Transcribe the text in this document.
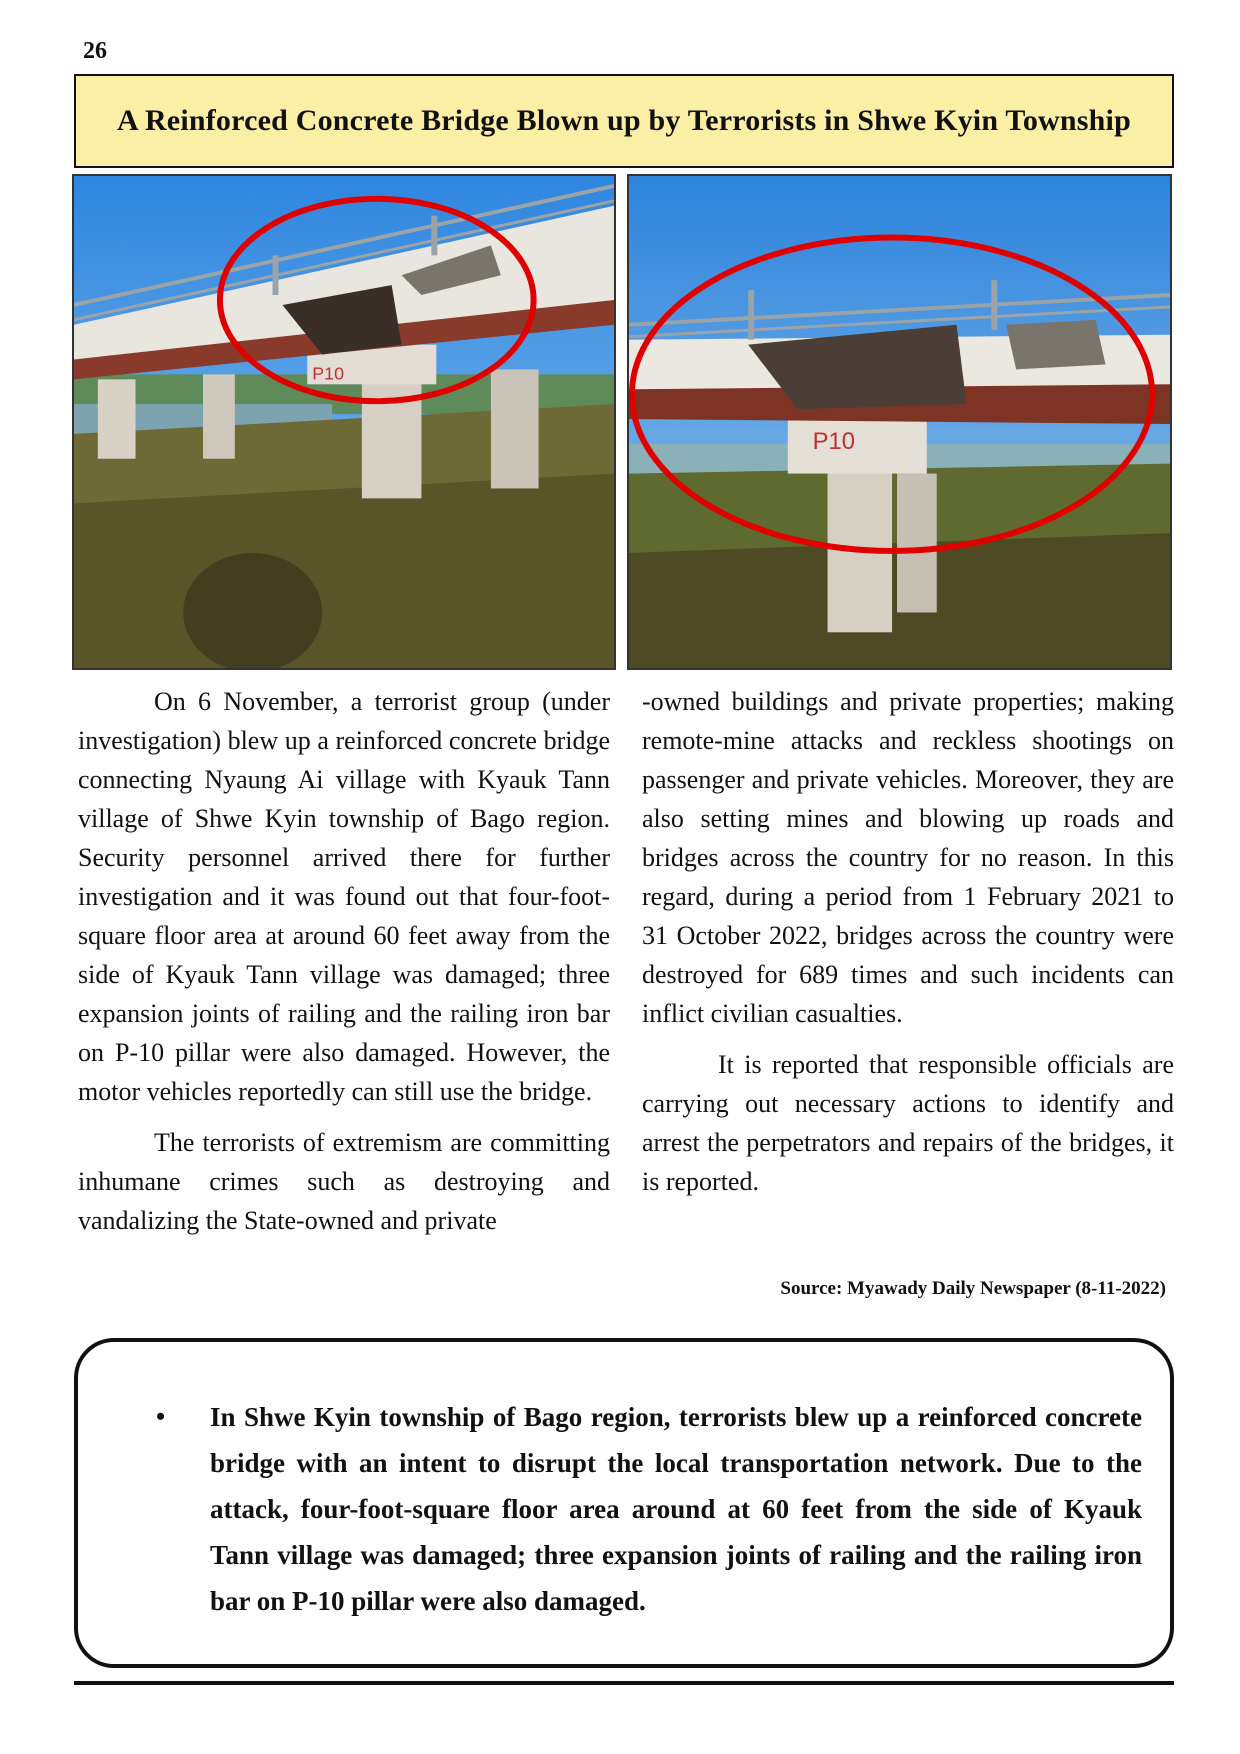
26
A Reinforced Concrete Bridge Blown up by Terrorists in Shwe Kyin Township
P10
P10

On 6 November, a terrorist group (under investigation) blew up a reinforced concrete bridge connecting Nyaung Ai village with Kyauk Tann village of Shwe Kyin township of Bago region. Security personnel arrived there for further investigation and it was found out that four-foot-square floor area at around 60 feet away from the side of Kyauk Tann village was damaged; three expansion joints of railing and the railing iron bar on P-10 pillar were also damaged. However, the motor vehicles reportedly can still use the bridge.

The terrorists of extremism are committing inhumane crimes such as destroying and vandalizing the State-owned and private

-owned buildings and private properties; making remote-mine attacks and reckless shootings on passenger and private vehicles. Moreover, they are also setting mines and blowing up roads and bridges across the country for no reason. In this regard, during a period from 1 February 2021 to 31 October 2022, bridges across the country were destroyed for 689 times and such incidents can inflict civilian casualties.

It is reported that responsible officials are carrying out necessary actions to identify and arrest the perpetrators and repairs of the bridges, it is reported.

Source: Myawady Daily Newspaper (8-11-2022)
• In Shwe Kyin township of Bago region, terrorists blew up a reinforced concrete bridge with an intent to disrupt the local transportation network. Due to the attack, four-foot-square floor area around at 60 feet from the side of Kyauk Tann village was damaged; three expansion joints of railing and the railing iron bar on P-10 pillar were also damaged.
